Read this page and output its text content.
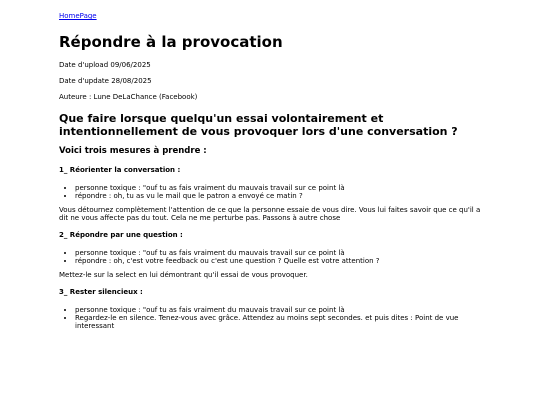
HomePage
Répondre à la provocation
Date d'upload 09/06/2025
Date d'update 28/08/2025
Auteure : Lune DeLaChance (Facebook)
Que faire lorsque quelqu'un essai volontairement et intentionnellement de vous provoquer lors d'une conversation ?
Voici trois mesures à prendre :
1_ Réorienter la conversation :
• personne toxique : "ouf tu as fais vraiment du mauvais travail sur ce point là
• répondre : oh, tu as vu le mail que le patron a envoyé ce matin ?

Vous détournez complètement l'attention de ce que la personne essaie de vous dire. Vous lui faites savoir que ce qu'il a dit ne vous affecte pas du tout. Cela ne me perturbe pas. Passons à autre chose

2_ Répondre par une question :
• personne toxique : "ouf tu as fais vraiment du mauvais travail sur ce point là
• répondre : oh, c'est votre feedback ou c'est une question ? Quelle est votre attention ?

Mettez-le sur la select en lui démontrant qu'il essai de vous provoquer.

3_ Rester silencieux :
• personne toxique : "ouf tu as fais vraiment du mauvais travail sur ce point là
• Regardez-le en silence. Tenez-vous avec grâce. Attendez au moins sept secondes. et puis dites : Point de vue interessant
